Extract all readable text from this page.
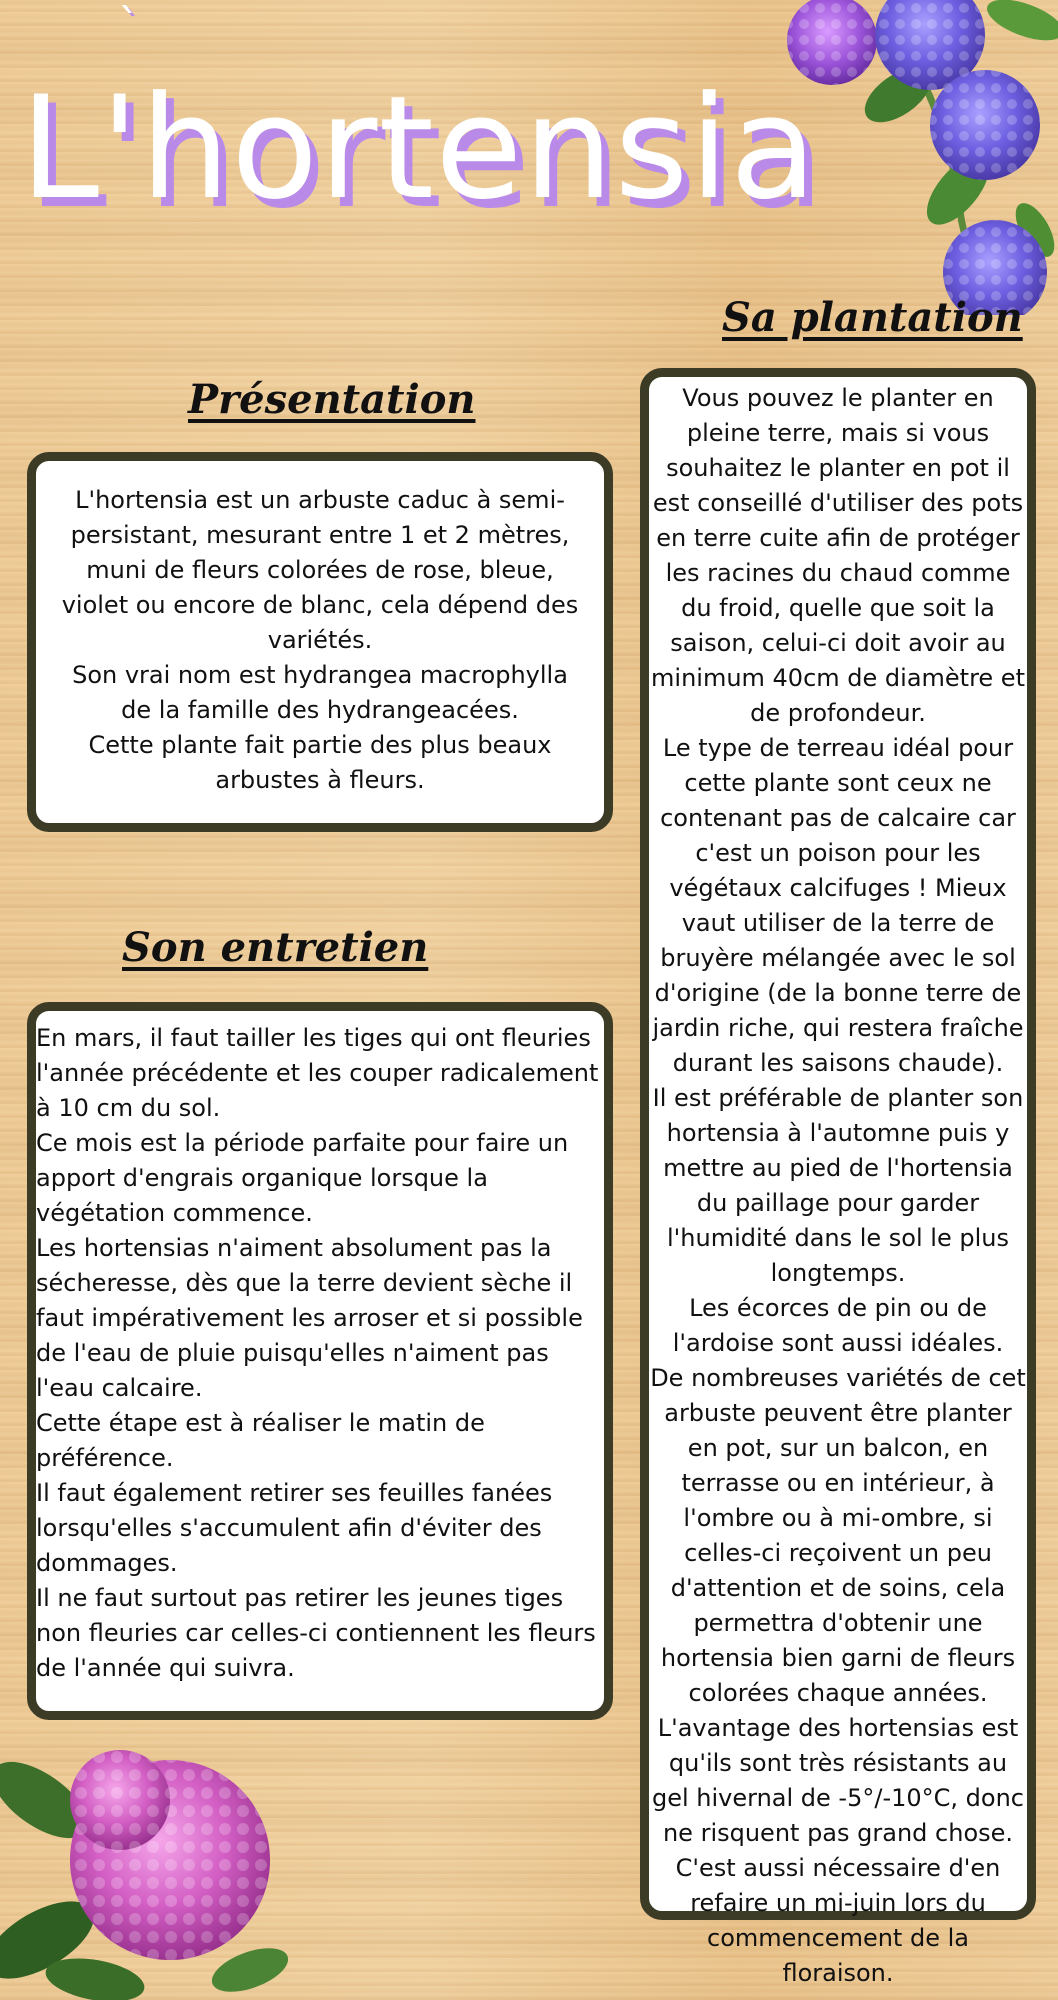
`
L'hortensia
Présentation

L'hortensia est un arbuste caduc à semi-persistant, mesurant entre 1 et 2 mètres, muni de fleurs colorées de rose, bleue, violet ou encore de blanc, cela dépend des variétés.

Son vrai nom est hydrangea macrophylla de la famille des hydrangeacées.

Cette plante fait partie des plus beaux arbustes à fleurs.

Son entretien

En mars, il faut tailler les tiges qui ont fleuries l'année précédente et les couper radicalement à 10 cm du sol.

Ce mois est la période parfaite pour faire un apport d'engrais organique lorsque la végétation commence.

Les hortensias n'aiment absolument pas la sécheresse, dès que la terre devient sèche il faut impérativement les arroser et si possible de l'eau de pluie puisqu'elles n'aiment pas l'eau calcaire.

Cette étape est à réaliser le matin de préférence.

Il faut également retirer ses feuilles fanées lorsqu'elles s'accumulent afin d'éviter des dommages.

Il ne faut surtout pas retirer les jeunes tiges non fleuries car celles-ci contiennent les fleurs de l'année qui suivra.

Sa plantation

Vous pouvez le planter en pleine terre, mais si vous souhaitez le planter en pot il est conseillé d'utiliser des pots en terre cuite afin de protéger les racines du chaud comme du froid, quelle que soit la saison, celui-ci doit avoir au minimum 40cm de diamètre et de profondeur.

Le type de terreau idéal pour cette plante sont ceux ne contenant pas de calcaire car c'est un poison pour les végétaux calcifuges ! Mieux vaut utiliser de la terre de bruyère mélangée avec le sol d'origine (de la bonne terre de jardin riche, qui restera fraîche durant les saisons chaude).

Il est préférable de planter son hortensia à l'automne puis y mettre au pied de l'hortensia du paillage pour garder l'humidité dans le sol le plus longtemps.

Les écorces de pin ou de l'ardoise sont aussi idéales.

De nombreuses variétés de cet arbuste peuvent être planter en pot, sur un balcon, en terrasse ou en intérieur, à l'ombre ou à mi-ombre, si celles-ci reçoivent un peu d'attention et de soins, cela permettra d'obtenir une hortensia bien garni de fleurs colorées chaque années.

L'avantage des hortensias est qu'ils sont très résistants au gel hivernal de -5°/-10°C, donc ne risquent pas grand chose.

C'est aussi nécessaire d'en refaire un mi-juin lors du commencement de la floraison.
